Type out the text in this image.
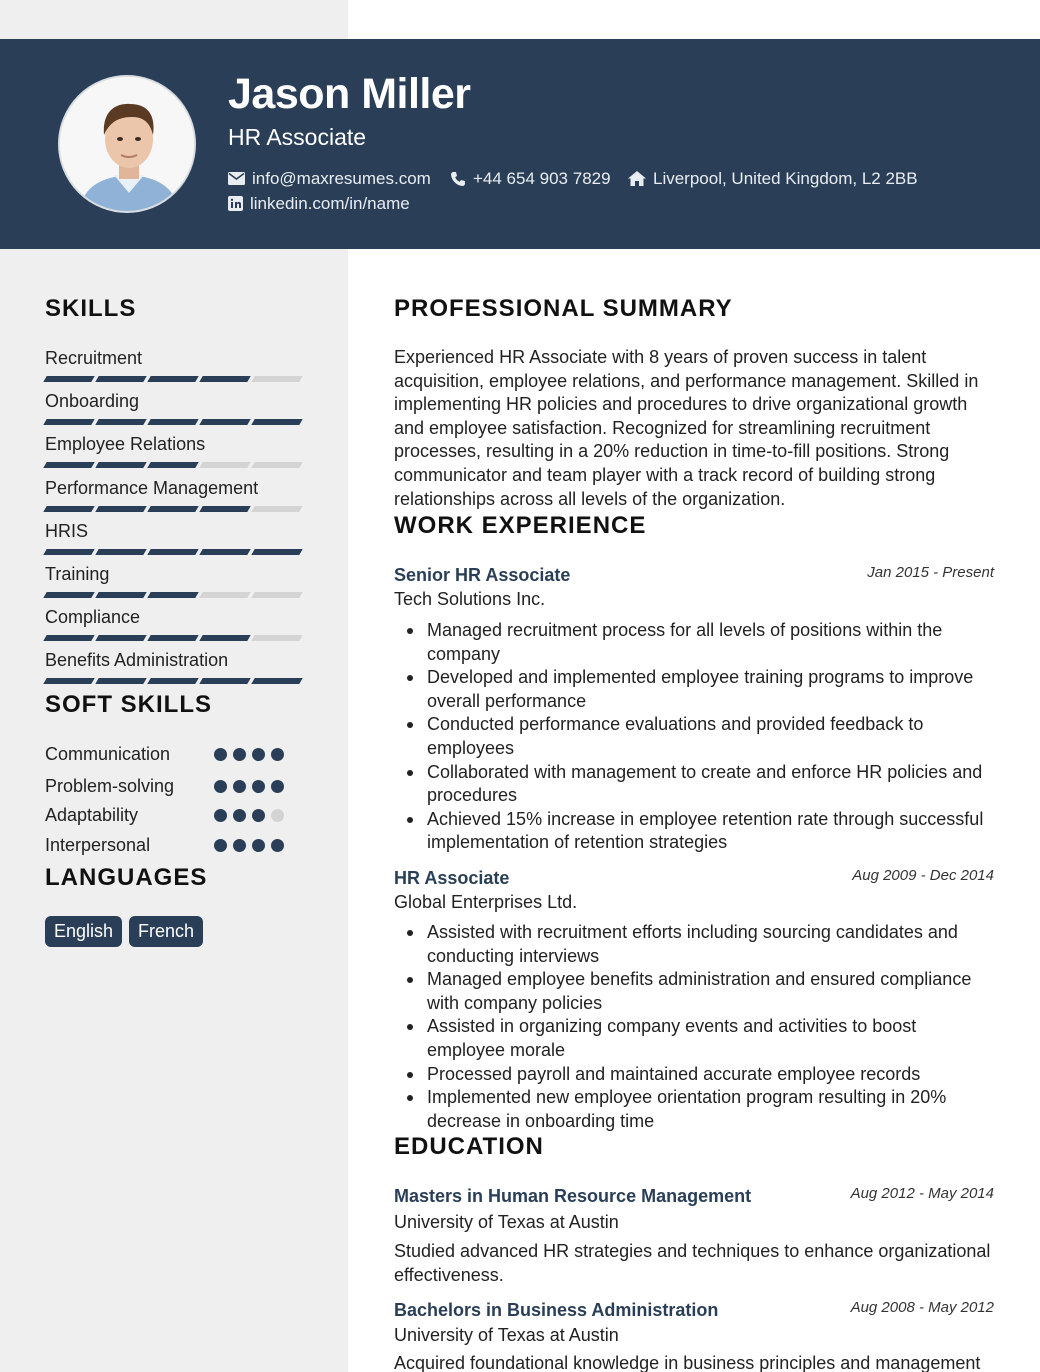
Jason Miller
HR Associate
info@maxresumes.com +44 654 903 7829 Liverpool, United Kingdom, L2 2BB
linkedin.com/in/name
SKILLS
Recruitment
Onboarding
Employee Relations
Performance Management
HRIS
Training
Compliance
Benefits Administration
SOFT SKILLS
Communication
Problem-solving
Adaptability
Interpersonal
LANGUAGES
English	French
PROFESSIONAL SUMMARY
Experienced HR Associate with 8 years of proven success in talent acquisition, employee relations, and performance management. Skilled in implementing HR policies and procedures to drive organizational growth and employee satisfaction. Recognized for streamlining recruitment processes, resulting in a 20% reduction in time-to-fill positions. Strong communicator and team player with a track record of building strong relationships across all levels of the organization.
WORK EXPERIENCE
Senior HR Associate	Jan 2015 - Present
Tech Solutions Inc.
Managed recruitment process for all levels of positions within the company
Developed and implemented employee training programs to improve overall performance
Conducted performance evaluations and provided feedback to employees
Collaborated with management to create and enforce HR policies and procedures
Achieved 15% increase in employee retention rate through successful implementation of retention strategies
HR Associate	Aug 2009 - Dec 2014
Global Enterprises Ltd.
Assisted with recruitment efforts including sourcing candidates and conducting interviews
Managed employee benefits administration and ensured compliance with company policies
Assisted in organizing company events and activities to boost employee morale
Processed payroll and maintained accurate employee records
Implemented new employee orientation program resulting in 20% decrease in onboarding time
EDUCATION
Masters in Human Resource Management	Aug 2012 - May 2014
University of Texas at Austin
Studied advanced HR strategies and techniques to enhance organizational effectiveness.
Bachelors in Business Administration	Aug 2008 - May 2012
University of Texas at Austin
Acquired foundational knowledge in business principles and management
